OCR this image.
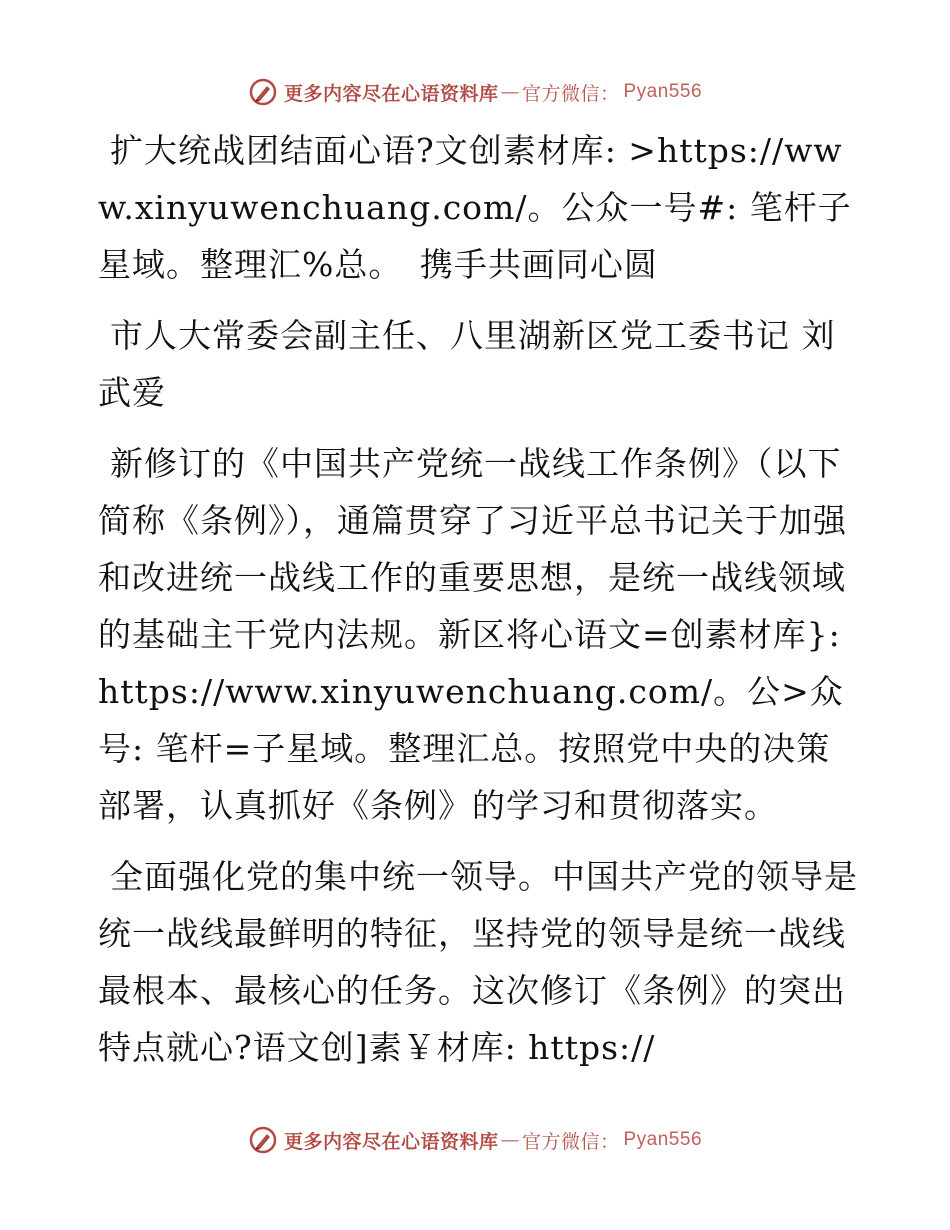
更多内容尽在心语资料库 — 官方微信： Pyan556

扩大统战团结面心语?文创素材库: >https://www.xinyuwenchuang.com/。公众一号#: 笔杆子星域。整理汇%总。　携手共画同心圆

市人大常委会副主任、八里湖新区党工委书记 刘武爱

新修订的《中国共产党统一战线工作条例》（以下简称《条例》），通篇贯穿了习近平总书记关于加强和改进统一战线工作的重要思想，是统一战线领域的基础主干党内法规。新区将心语文=创素材库}: https://www.xinyuwenchuang.com/。公>众号: 笔杆=子星域。整理汇总。按照党中央的决策部署，认真抓好《条例》的学习和贯彻落实。

全面强化党的集中统一领导。中国共产党的领导是统一战线最鲜明的特征，坚持党的领导是统一战线最根本、最核心的任务。这次修订《条例》的突出特点就心?语文创]素￥材库: https://

更多内容尽在心语资料库 — 官方微信： Pyan556
